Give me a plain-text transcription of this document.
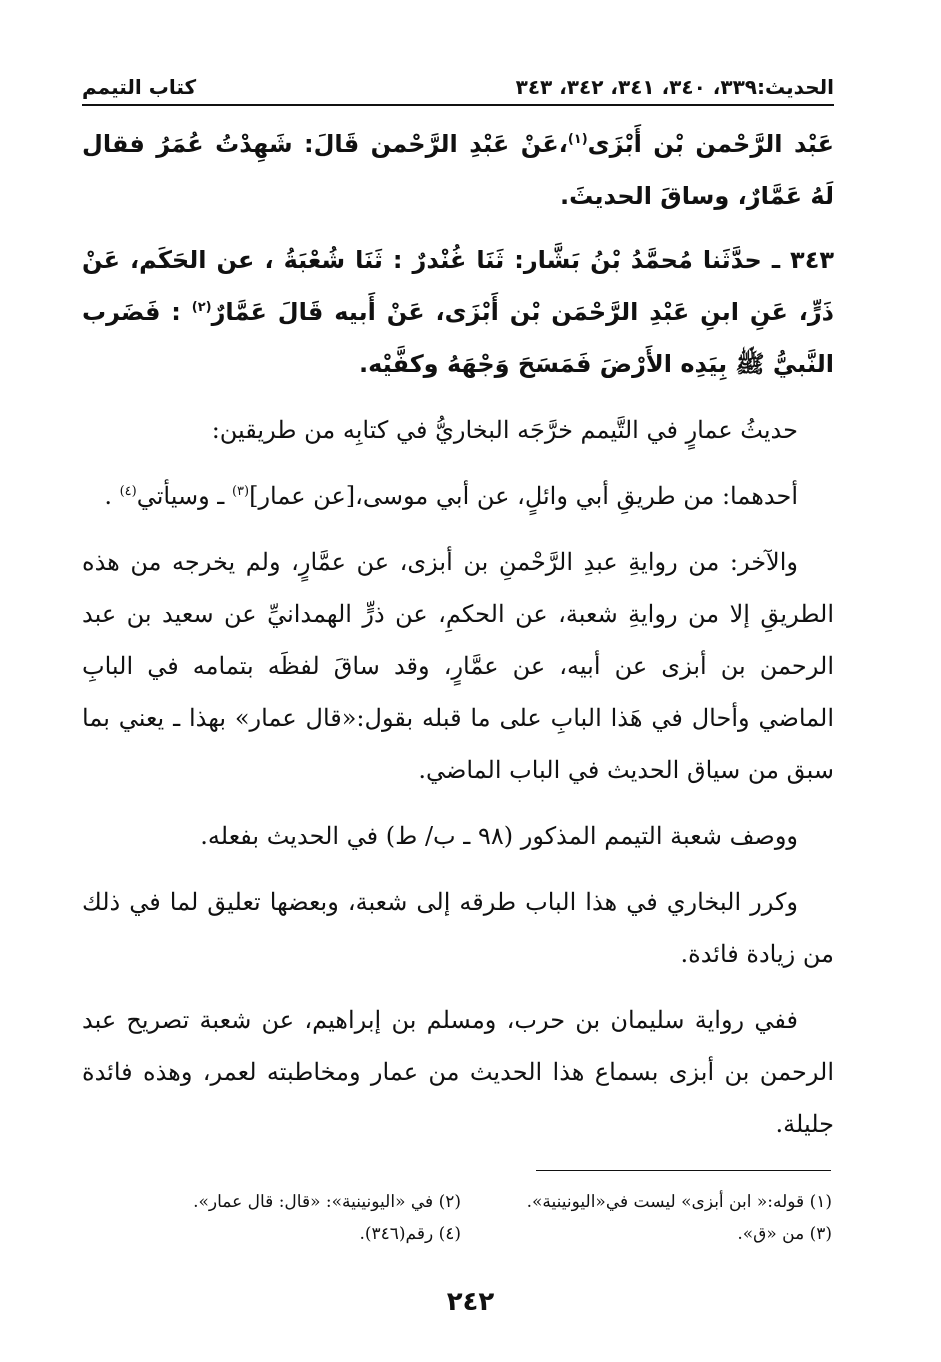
الحديث:٣٣٩، ٣٤٠، ٣٤١، ٣٤٢، ٣٤٣
كتاب التيمم

عَبْد الرَّحْمن بْن أَبْزَى$^{(١)}$،عَنْ عَبْدِ الرَّحْمن قَالَ: شَهِدْتُ عُمَرُ فقال لَهُ عَمَّارٌ، وساقَ الحديثَ.

٣٤٣ ـ حدَّثَنا مُحمَّدُ بْنُ بَشَّار: ثَنَا غُنْدرٌ : ثَنَا شُعْبَةُ ، عن الحَكَم، عَنْ ذَرٍّ، عَنِ ابنِ عَبْدِ الرَّحْمَن بْن أَبْزَى، عَنْ أَبيه قَالَ عَمَّارٌ$^{(٢)}$ : فَضَرب النَّبيُّ ﷺ بِيَدِه الأَرْضَ فَمَسَحَ وَجْهَهُ وكفَّيْه.

حديثُ عمارٍ في التَّيمم خرَّجَه البخاريُّ في كتابِه من طريقين:

أحدهما: من طريقِ أبي وائلٍ، عن أبي موسى،[عن عمار]$^{(٣)}$ ـ وسيأتي$^{(٤)}$ .

والآخر: من روايةِ عبدِ الرَّحْمنِ بن أبزى، عن عمَّارٍ، ولم يخرجه من هذه الطريقِ إلا من روايةِ شعبة، عن الحكمِ، عن ذرٍّ الهمدانيِّ عن سعيد بن عبد الرحمن بن أبزى عن أبيه، عن عمَّارٍ، وقد ساقَ لفظَه بتمامه في البابِ الماضي وأحال في هَذا البابِ على ما قبله بقول:«قال عمار» بهذا ـ يعني بما سبق من سياق الحديث في الباب الماضي.

ووصف شعبة التيمم المذكور (٩٨ ـ ب/ ط) في الحديث بفعله.

وكرر البخاري في هذا الباب طرقه إلى شعبة، وبعضها تعليق لما في ذلك من زيادة فائدة.

ففي رواية سليمان بن حرب، ومسلم بن إبراهيم، عن شعبة تصريح عبد الرحمن بن أبزى بسماع هذا الحديث من عمار ومخاطبته لعمر، وهذه فائدة جليلة.

(١) قوله:« ابن أبزى» ليست في«اليونينية».
(٢) في «اليونينية»: «قال: قال عمار».
(٣) من «ق».
(٤) رقم(٣٤٦).
٢٤٢
